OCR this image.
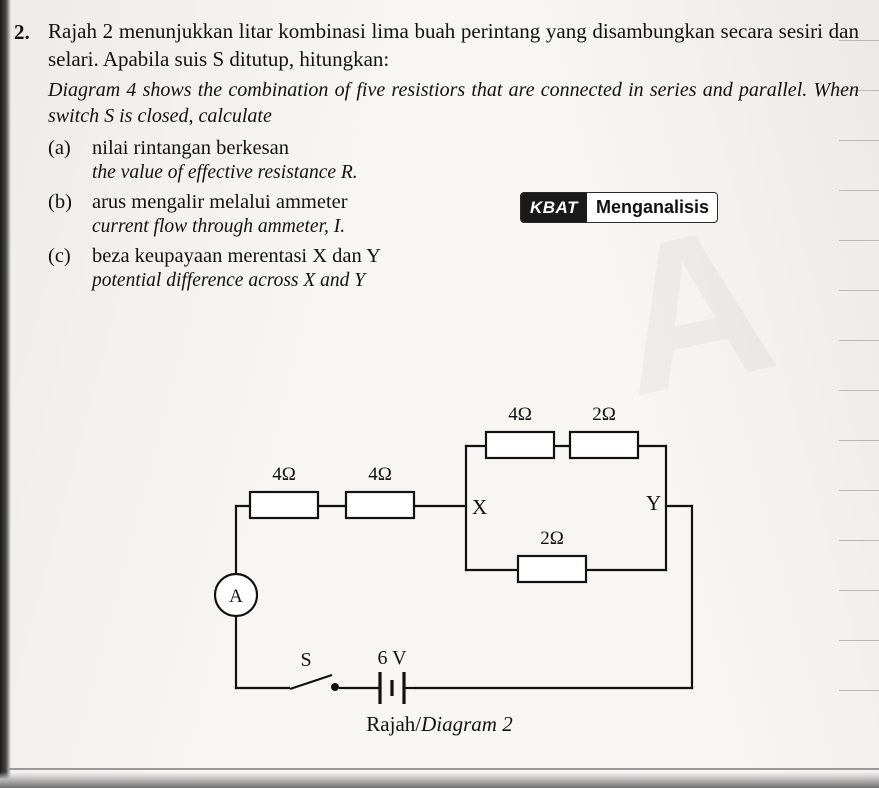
2. Rajah 2 menunjukkan litar kombinasi lima buah perintang yang disambungkan secara sesiri dan selari. Apabila suis S ditutup, hitungkan:

Diagram 4 shows the combination of five resistiors that are connected in series and parallel. When switch S is closed, calculate

(a)	nilai rintangan berkesan
the value of effective resistance R.
(b) arus mengalir melalui ammeter
current flow through ammeter, I.
(c)	beza keupayaan merentasi X dan Y
potential difference across X and Y
KBAT	Menganalisis
A
4Ω	4Ω
4Ω	2Ω
2Ω
X	Y
S	6 V
Rajah/Diagram 2
